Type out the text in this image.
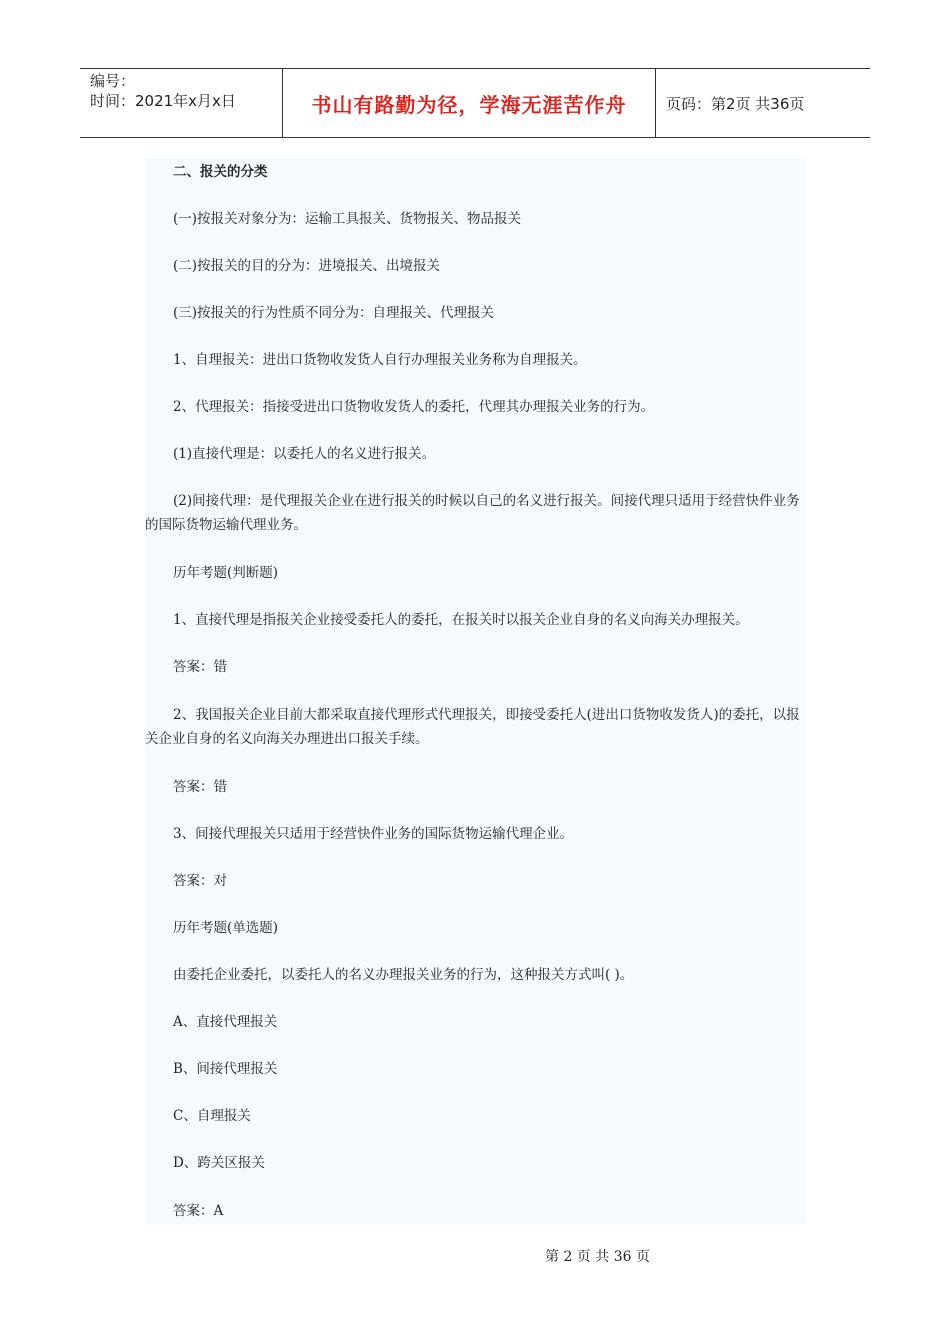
编号：
时间：2021年x月x日	书山有路勤为径，学海无涯苦作舟	页码：第2页 共36页

二、报关的分类

(一)按报关对象分为：运输工具报关、货物报关、物品报关

(二)按报关的目的分为：进境报关、出境报关

(三)按报关的行为性质不同分为：自理报关、代理报关

1、自理报关：进出口货物收发货人自行办理报关业务称为自理报关。

2、代理报关：指接受进出口货物收发货人的委托，代理其办理报关业务的行为。

(1)直接代理是：以委托人的名义进行报关。

(2)间接代理：是代理报关企业在进行报关的时候以自己的名义进行报关。间接代理只适用于经营快件业务的国际货物运输代理业务。

历年考题(判断题)

1、直接代理是指报关企业接受委托人的委托，在报关时以报关企业自身的名义向海关办理报关。

答案：错

2、我国报关企业目前大都采取直接代理形式代理报关，即接受委托人(进出口货物收发货人)的委托，以报关企业自身的名义向海关办理进出口报关手续。

答案：错

3、间接代理报关只适用于经营快件业务的国际货物运输代理企业。

答案：对

历年考题(单选题)

由委托企业委托，以委托人的名义办理报关业务的行为，这种报关方式叫( )。

A、直接代理报关

B、间接代理报关

C、自理报关

D、跨关区报关

答案：A

第 2 页 共 36 页
